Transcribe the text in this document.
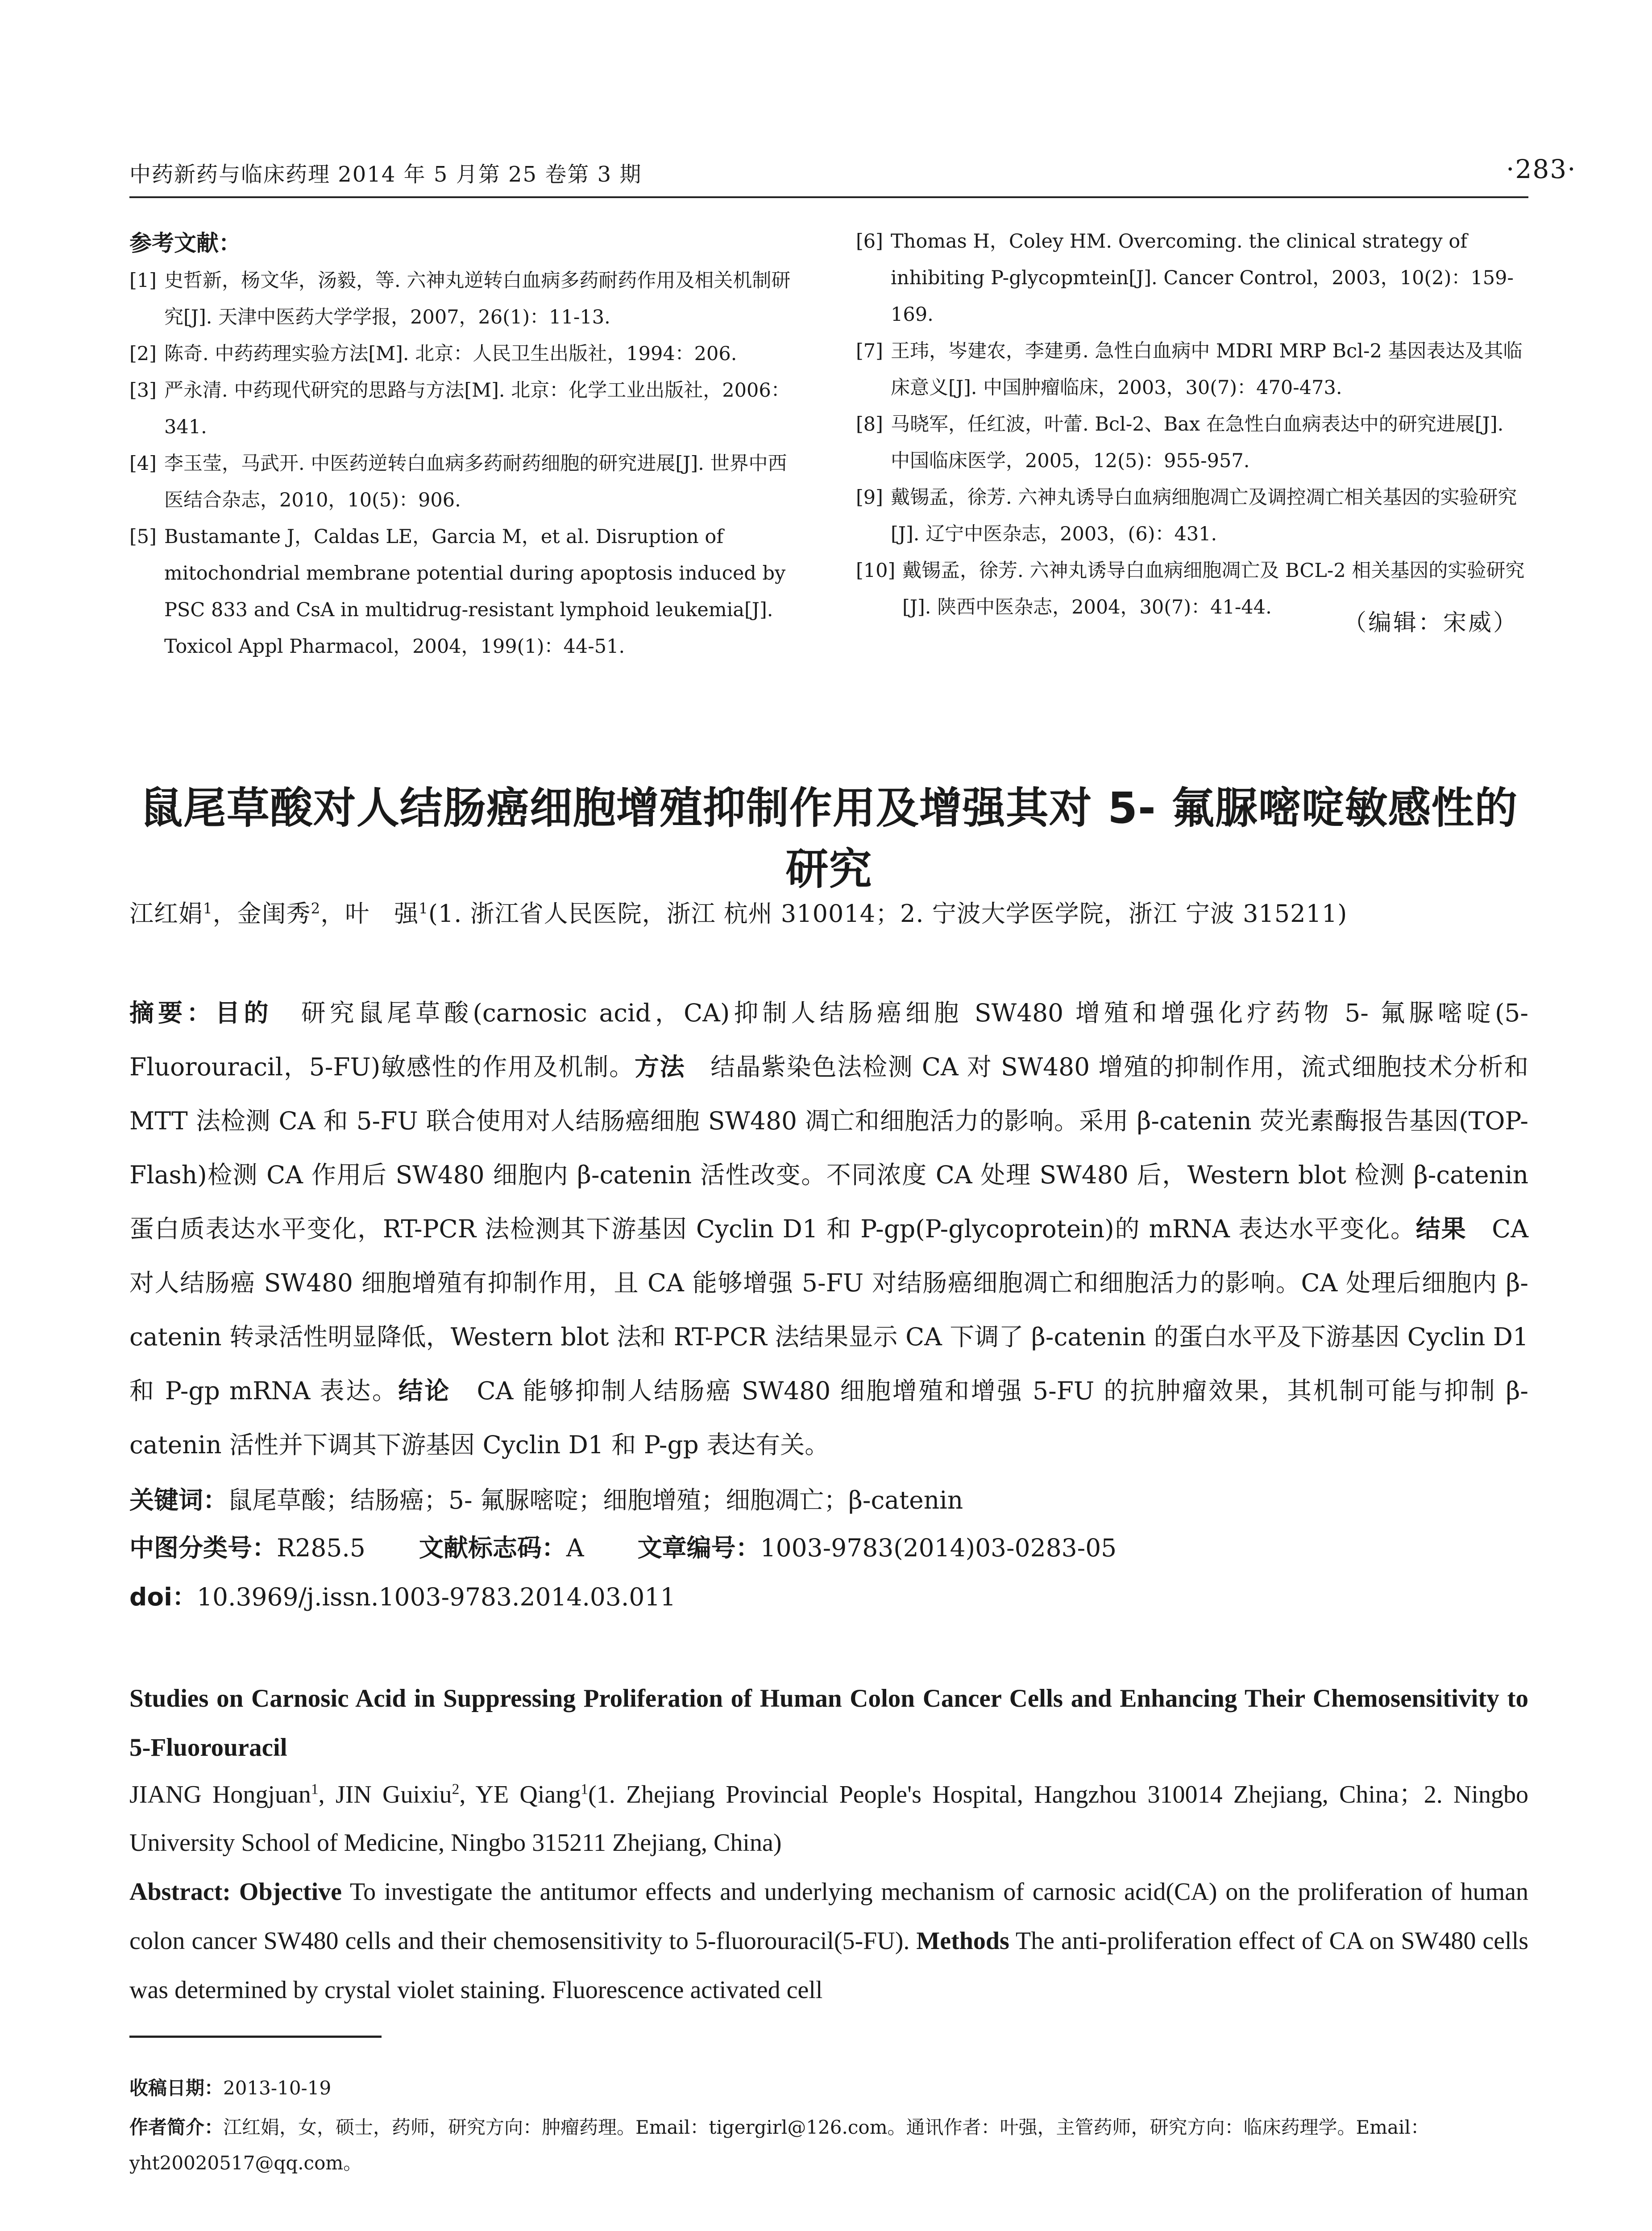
中药新药与临床药理 2014 年 5 月第 25 卷第 3 期	·283·
参考文献：
[1] 史哲新，杨文华，汤毅，等. 六神丸逆转白血病多药耐药作用及相关机制研究[J]. 天津中医药大学学报，2007，26(1)：11-13.
[2] 陈奇. 中药药理实验方法[M]. 北京：人民卫生出版社，1994：206.
[3] 严永清. 中药现代研究的思路与方法[M]. 北京：化学工业出版社，2006：341.
[4] 李玉莹，马武开. 中医药逆转白血病多药耐药细胞的研究进展[J]. 世界中西医结合杂志，2010，10(5)：906.
[5] Bustamante J，Caldas LE，Garcia M，et al. Disruption of mitochondrial membrane potential during apoptosis induced by PSC 833 and CsA in multidrug-resistant lymphoid leukemia[J]. Toxicol Appl Pharmacol，2004，199(1)：44-51.
[6] Thomas H，Coley HM. Overcoming. the clinical strategy of inhibiting P-glycopmtein[J]. Cancer Control，2003，10(2)：159-169.
[7] 王玮，岑建农，李建勇. 急性白血病中 MDRI MRP Bcl-2 基因表达及其临床意义[J]. 中国肿瘤临床，2003，30(7)：470-473.
[8] 马晓军，任红波，叶蕾. Bcl-2、Bax 在急性白血病表达中的研究进展[J]. 中国临床医学，2005，12(5)：955-957.
[9] 戴锡孟，徐芳. 六神丸诱导白血病细胞凋亡及调控凋亡相关基因的实验研究[J]. 辽宁中医杂志，2003，(6)：431.
[10] 戴锡孟，徐芳. 六神丸诱导白血病细胞凋亡及 BCL-2 相关基因的实验研究[J]. 陕西中医杂志，2004，30(7)：41-44.
（编辑：宋威）
鼠尾草酸对人结肠癌细胞增殖抑制作用及增强其对 5- 氟脲嘧啶敏感性的研究
江红娟$^1$，金闺秀$^2$，叶　强$^1$(1. 浙江省人民医院，浙江 杭州 310014；2. 宁波大学医学院，浙江 宁波 315211)
摘要：目的　研究鼠尾草酸(carnosic acid，CA)抑制人结肠癌细胞 SW480 增殖和增强化疗药物 5- 氟脲嘧啶(5-Fluorouracil，5-FU)敏感性的作用及机制。方法　结晶紫染色法检测 CA 对 SW480 增殖的抑制作用，流式细胞技术分析和 MTT 法检测 CA 和 5-FU 联合使用对人结肠癌细胞 SW480 凋亡和细胞活力的影响。采用 β-catenin 荧光素酶报告基因(TOP-Flash)检测 CA 作用后 SW480 细胞内 β-catenin 活性改变。不同浓度 CA 处理 SW480 后，Western blot 检测 β-catenin 蛋白质表达水平变化，RT-PCR 法检测其下游基因 Cyclin D1 和 P-gp(P-glycoprotein)的 mRNA 表达水平变化。结果　CA 对人结肠癌 SW480 细胞增殖有抑制作用，且 CA 能够增强 5-FU 对结肠癌细胞凋亡和细胞活力的影响。CA 处理后细胞内 β-catenin 转录活性明显降低，Western blot 法和 RT-PCR 法结果显示 CA 下调了 β-catenin 的蛋白水平及下游基因 Cyclin D1 和 P-gp mRNA 表达。结论　CA 能够抑制人结肠癌 SW480 细胞增殖和增强 5-FU 的抗肿瘤效果，其机制可能与抑制 β-catenin 活性并下调其下游基因 Cyclin D1 和 P-gp 表达有关。
关键词：鼠尾草酸；结肠癌；5- 氟脲嘧啶；细胞增殖；细胞凋亡；β-catenin
中图分类号：R285.5 文献标志码：A 文章编号：1003-9783(2014)03-0283-05
doi：10.3969/j.issn.1003-9783.2014.03.011
Studies on Carnosic Acid in Suppressing Proliferation of Human Colon Cancer Cells and Enhancing Their Chemosensitivity to 5-Fluorouracil
JIANG Hongjuan$^1$, JIN Guixiu$^2$, YE Qiang$^1$(1. Zhejiang Provincial People's Hospital, Hangzhou 310014 Zhejiang, China；2. Ningbo University School of Medicine, Ningbo 315211 Zhejiang, China)
Abstract: Objective To investigate the antitumor effects and underlying mechanism of carnosic acid(CA) on the proliferation of human colon cancer SW480 cells and their chemosensitivity to 5-fluorouracil(5-FU). Methods The anti-proliferation effect of CA on SW480 cells was determined by crystal violet staining. Fluorescence activated cell
收稿日期：2013-10-19
作者简介：江红娟，女，硕士，药师，研究方向：肿瘤药理。Email：tigergirl@126.com。通讯作者：叶强，主管药师，研究方向：临床药理学。Email：yht20020517@qq.com。
